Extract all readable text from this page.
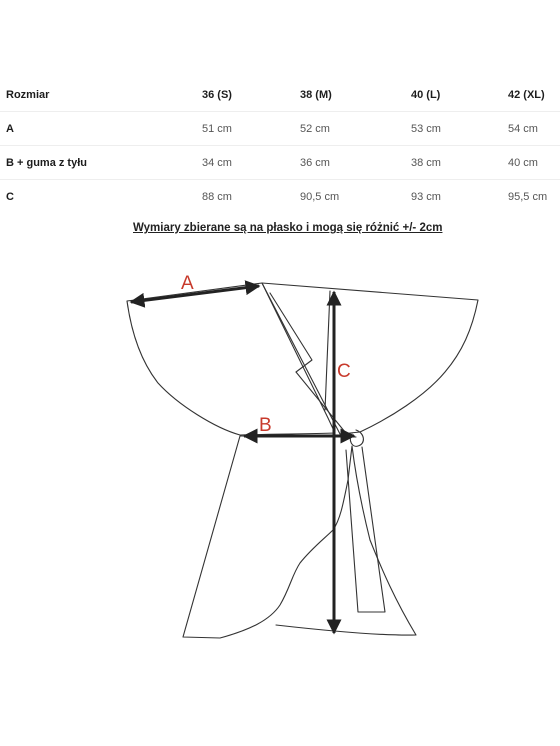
Rozmiar	36 (S)	38 (M)	40 (L)	42 (XL)
A	51 cm	52 cm	53 cm	54 cm
B + guma z tyłu	34 cm	36 cm	38 cm	40 cm
C	88 cm	90,5 cm	93 cm	95,5 cm
Wymiary zbierane są na płasko i mogą się różnić +/- 2cm
A
B
C
